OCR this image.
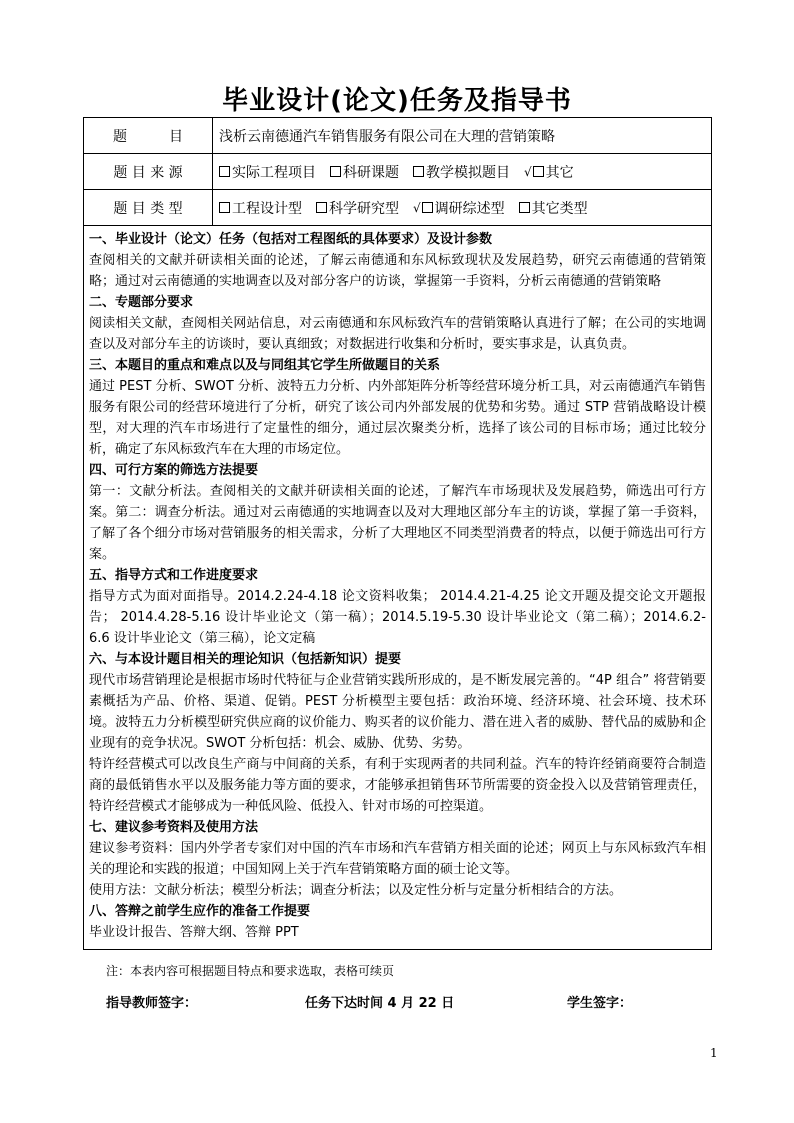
毕业设计(论文)任务及指导书
题　　　目	浅析云南德通汽车销售服务有限公司在大理的营销策略
题 目 来 源	实际工程项目 科研课题 教学模拟题目 √ 其它
题 目 类 型	工程设计型 科学研究型 √ 调研综述型 其它类型

一、毕业设计（论文）任务（包括对工程图纸的具体要求）及设计参数

查阅相关的文献并研读相关面的论述，了解云南德通和东风标致现状及发展趋势，研究云南德通的营销策略；通过对云南德通的实地调查以及对部分客户的访谈，掌握第一手资料，分析云南德通的营销策略

二、专题部分要求

阅读相关文献，查阅相关网站信息，对云南德通和东风标致汽车的营销策略认真进行了解；在公司的实地调查以及对部分车主的访谈时，要认真细致；对数据进行收集和分析时，要实事求是，认真负责。

三、本题目的重点和难点以及与同组其它学生所做题目的关系

通过 PEST 分析、SWOT 分析、波特五力分析、内外部矩阵分析等经营环境分析工具，对云南德通汽车销售服务有限公司的经营环境进行了分析，研究了该公司内外部发展的优势和劣势。通过 STP 营销战略设计模型，对大理的汽车市场进行了定量性的细分，通过层次聚类分析，选择了该公司的目标市场；通过比较分析，确定了东风标致汽车在大理的市场定位。

四、可行方案的筛选方法提要

第一：文献分析法。查阅相关的文献并研读相关面的论述，了解汽车市场现状及发展趋势，筛选出可行方案。第二：调查分析法。通过对云南德通的实地调查以及对大理地区部分车主的访谈，掌握了第一手资料，了解了各个细分市场对营销服务的相关需求，分析了大理地区不同类型消费者的特点，以便于筛选出可行方案。

五、指导方式和工作进度要求

指导方式为面对面指导。2014.2.24-4.18 论文资料收集； 2014.4.21-4.25 论文开题及提交论文开题报告； 2014.4.28-5.16 设计毕业论文（第一稿）；2014.5.19-5.30 设计毕业论文（第二稿）；2014.6.2-6.6 设计毕业论文（第三稿），论文定稿

六、与本设计题目相关的理论知识（包括新知识）提要

现代市场营销理论是根据市场时代特征与企业营销实践所形成的，是不断发展完善的。“4P 组合” 将营销要素概括为产品、价格、渠道、促销。PEST 分析模型主要包括：政治环境、经济环境、社会环境、技术环境。波特五力分析模型研究供应商的议价能力、购买者的议价能力、潜在进入者的威胁、替代品的威胁和企业现有的竞争状况。SWOT 分析包括：机会、威胁、优势、劣势。

特许经营模式可以改良生产商与中间商的关系，有利于实现两者的共同利益。汽车的特许经销商要符合制造商的最低销售水平以及服务能力等方面的要求，才能够承担销售环节所需要的资金投入以及营销管理责任，特许经营模式才能够成为一种低风险、低投入、针对市场的可控渠道。

七、建议参考资料及使用方法

建议参考资料：国内外学者专家们对中国的汽车市场和汽车营销方相关面的论述；网页上与东风标致汽车相关的理论和实践的报道；中国知网上关于汽车营销策略方面的硕士论文等。

使用方法：文献分析法；模型分析法；调查分析法；以及定性分析与定量分析相结合的方法。

八、答辩之前学生应作的准备工作提要

毕业设计报告、答辩大纲、答辩 PPT

注：本表内容可根据题目特点和要求选取，表格可续页
指导教师签字：	任务下达时间 4 月 22 日	学生签字：
1
